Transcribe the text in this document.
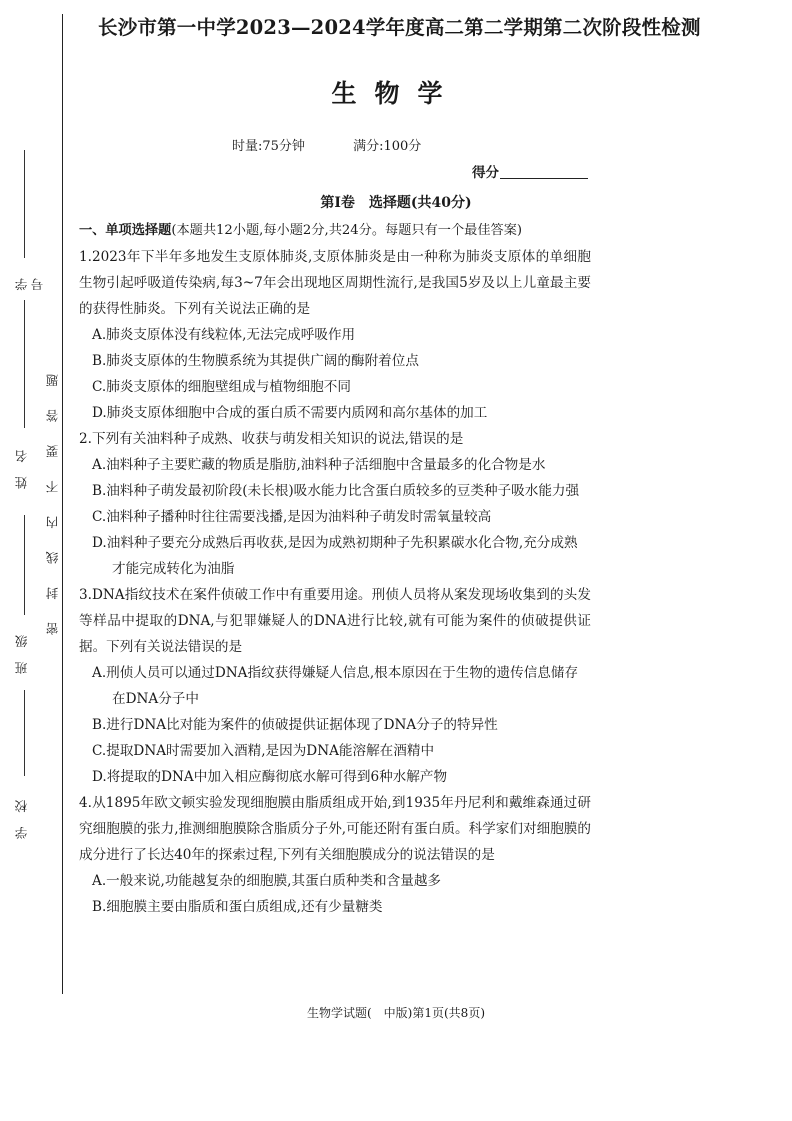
学号
姓名
班级
学校
密封线内不要答题
长沙市第一中学2023—2024学年度高二第二学期第二次阶段性检测
生物学
时量:75分钟	满分:100分
得分
第Ⅰ卷　选择题(共40分)
一、单项选择题(本题共12小题,每小题2分,共24分。每题只有一个最佳答案)
1.2023年下半年多地发生支原体肺炎,支原体肺炎是由一种称为肺炎支原体的单细胞生物引起呼吸道传染病,每3~7年会出现地区周期性流行,是我国5岁及以上儿童最主要的获得性肺炎。下列有关说法正确的是
A.肺炎支原体没有线粒体,无法完成呼吸作用
B.肺炎支原体的生物膜系统为其提供广阔的酶附着位点
C.肺炎支原体的细胞壁组成与植物细胞不同
D.肺炎支原体细胞中合成的蛋白质不需要内质网和高尔基体的加工
2.下列有关油料种子成熟、收获与萌发相关知识的说法,错误的是
A.油料种子主要贮藏的物质是脂肪,油料种子活细胞中含量最多的化合物是水
B.油料种子萌发最初阶段(未长根)吸水能力比含蛋白质较多的豆类种子吸水能力强
C.油料种子播种时往往需要浅播,是因为油料种子萌发时需氧量较高
D.油料种子要充分成熟后再收获,是因为成熟初期种子先积累碳水化合物,充分成熟才能完成转化为油脂
3.DNA指纹技术在案件侦破工作中有重要用途。刑侦人员将从案发现场收集到的头发等样品中提取的DNA,与犯罪嫌疑人的DNA进行比较,就有可能为案件的侦破提供证据。下列有关说法错误的是
A.刑侦人员可以通过DNA指纹获得嫌疑人信息,根本原因在于生物的遗传信息储存在DNA分子中
B.进行DNA比对能为案件的侦破提供证据体现了DNA分子的特异性
C.提取DNA时需要加入酒精,是因为DNA能溶解在酒精中
D.将提取的DNA中加入相应酶彻底水解可得到6种水解产物
4.从1895年欧文顿实验发现细胞膜由脂质组成开始,到1935年丹尼利和戴维森通过研究细胞膜的张力,推测细胞膜除含脂质分子外,可能还附有蛋白质。科学家们对细胞膜的成分进行了长达40年的探索过程,下列有关细胞膜成分的说法错误的是
A.一般来说,功能越复杂的细胞膜,其蛋白质种类和含量越多
B.细胞膜主要由脂质和蛋白质组成,还有少量糖类
生物学试题(　中版)第1页(共8页)
